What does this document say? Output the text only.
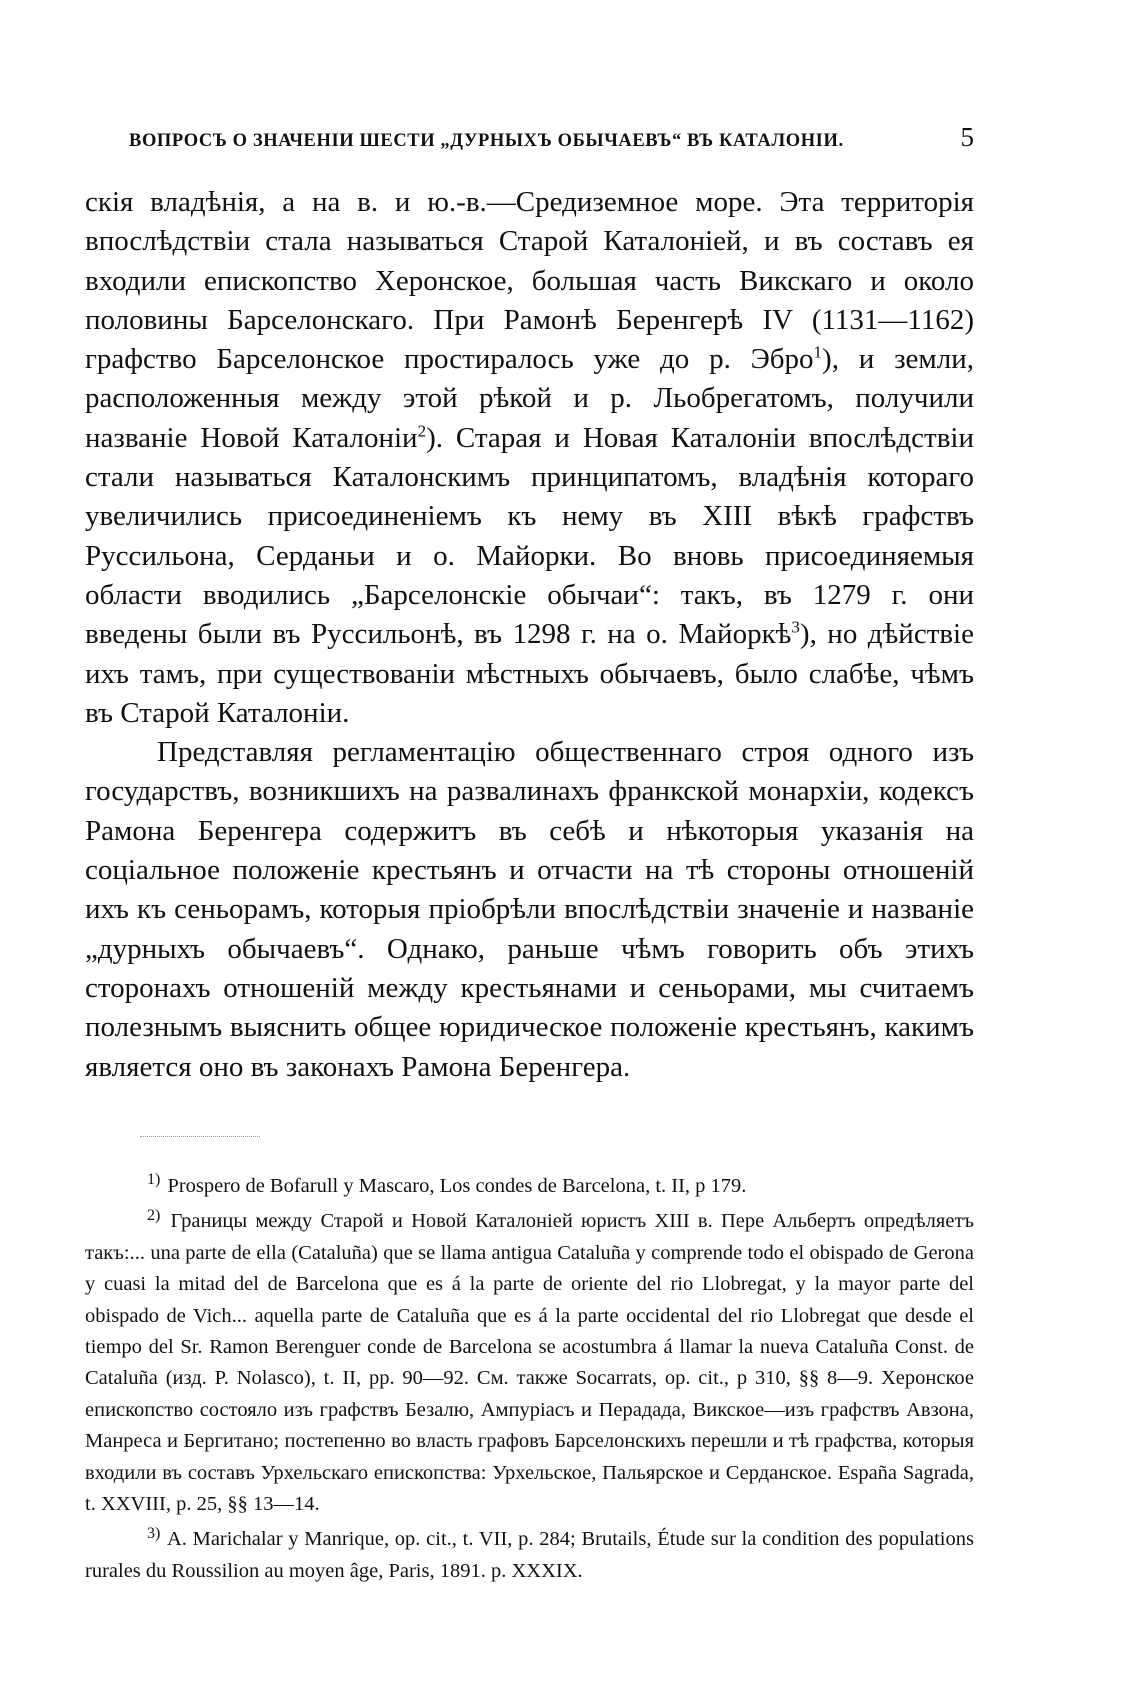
ВОПРОСЪ О ЗНАЧЕНІИ ШЕСТИ „ДУРНЫХЪ ОБЫЧАЕВЪ“ ВЪ КАТАЛОНІИ.	5

скія владѣнія, а на в. и ю.-в.—Средиземное море. Эта территорія впослѣдствіи стала называться Старой Каталоніей, и въ составъ ея входили епископство Херонское, большая часть Викскаго и около половины Барселонскаго. При Рамонѣ Беренгерѣ IV (1131—1162) графство Барселонское простиралось уже до р. Эбро$^1$), и земли, расположенныя между этой рѣкой и р. Льобрегатомъ, получили названіе Новой Каталоніи$^2$). Старая и Новая Каталоніи впослѣдствіи стали называться Каталонскимъ принципатомъ, владѣнія котораго увеличились присоединеніемъ къ нему въ XIII вѣкѣ графствъ Руссильона, Серданьи и о. Майорки. Во вновь присоединяемыя области вводились „Барселонскіе обычаи“: такъ, въ 1279 г. они введены были въ Руссильонѣ, въ 1298 г. на о. Майоркѣ$^3$), но дѣйствіе ихъ тамъ, при существованіи мѣстныхъ обычаевъ, было слабѣе, чѣмъ въ Старой Каталоніи.

Представляя регламентацію общественнаго строя одного изъ государствъ, возникшихъ на развалинахъ франкской монархіи, кодексъ Рамона Беренгера содержитъ въ себѣ и нѣкоторыя указанія на соціальное положеніе крестьянъ и отчасти на тѣ стороны отношеній ихъ къ сеньорамъ, которыя пріобрѣли впослѣдствіи значеніе и названіе „дурныхъ обычаевъ“. Однако, раньше чѣмъ говорить объ этихъ сторонахъ отношеній между крестьянами и сеньорами, мы считаемъ полезнымъ выяснить общее юридическое положеніе крестьянъ, какимъ является оно въ законахъ Рамона Беренгера.

$^{1)}$ Prospero de Bofarull y Mascaro, Los condes de Barcelona, t. II, p 179.

$^{2)}$ Границы между Старой и Новой Каталоніей юристъ XIII в. Пере Альбертъ опредѣляетъ такъ:... una parte de ella (Cataluña) que se llama antigua Cataluña y comprende todo el obispado de Gerona y cuasi la mitad del de Barcelona que es á la parte de oriente del rio Llobregat, y la mayor parte del obispado de Vich... aquella parte de Cataluña que es á la parte occidental del rio Llobregat que desde el tiempo del Sr. Ramon Berenguer conde de Barcelona se acostumbra á llamar la nueva Cataluña Const. de Cataluña (изд. P. Nolasco), t. II, pp. 90—92. См. также Socarrats, op. cit., p 310, §§ 8—9. Херонское епископство состояло изъ графствъ Безалю, Ампуріасъ и Перадада, Викское—изъ графствъ Авзона, Манреса и Бергитано; постепенно во власть графовъ Барселонскихъ перешли и тѣ графства, которыя входили въ составъ Урхельскаго епископства: Урхельское, Пальярское и Серданское. España Sagrada, t. XXVIII, p. 25, §§ 13—14.

$^{3)}$ A. Marichalar y Manrique, op. cit., t. VII, p. 284; Brutails, Étude sur la condition des populations rurales du Roussilion au moyen âge, Paris, 1891. p. XXXIX.
